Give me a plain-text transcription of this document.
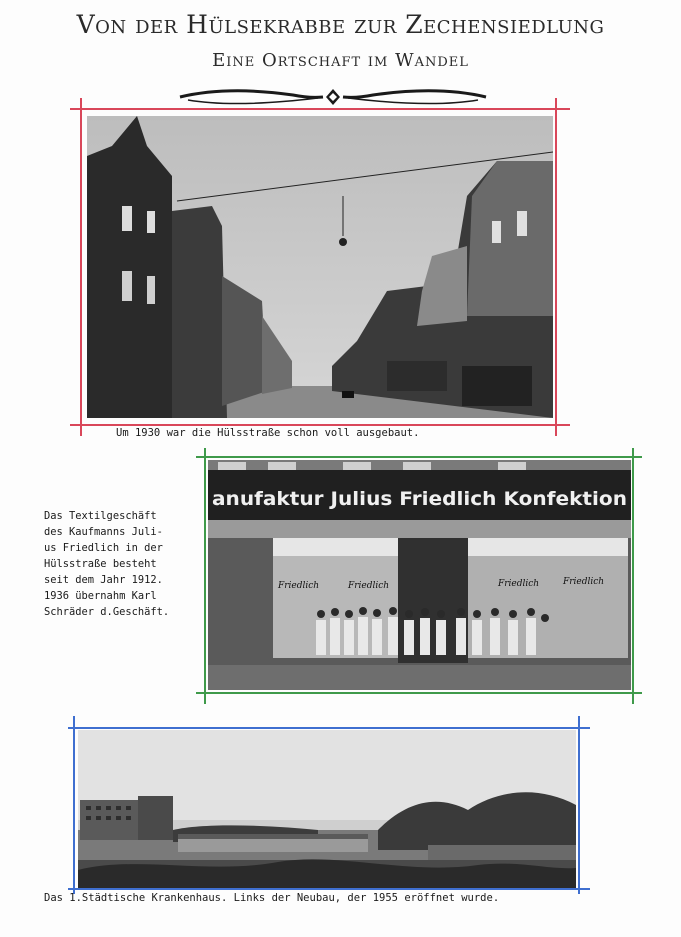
Von der Hülsekrabbe zur Zechensiedlung
Eine Ortschaft im Wandel
Um 1930 war die Hülsstraße schon voll ausgebaut.
anufaktur Julius Friedlich Konfektion
Friedlich	Friedlich	Friedlich	Friedlich
Das Textilgeschäft
des Kaufmanns Juli-
us Friedlich in der
Hülsstraße besteht
seit dem Jahr 1912.
1936 übernahm Karl
Schräder d.Geschäft.
Das 1.Städtische Krankenhaus. Links der Neubau, der 1955 eröffnet wurde.
